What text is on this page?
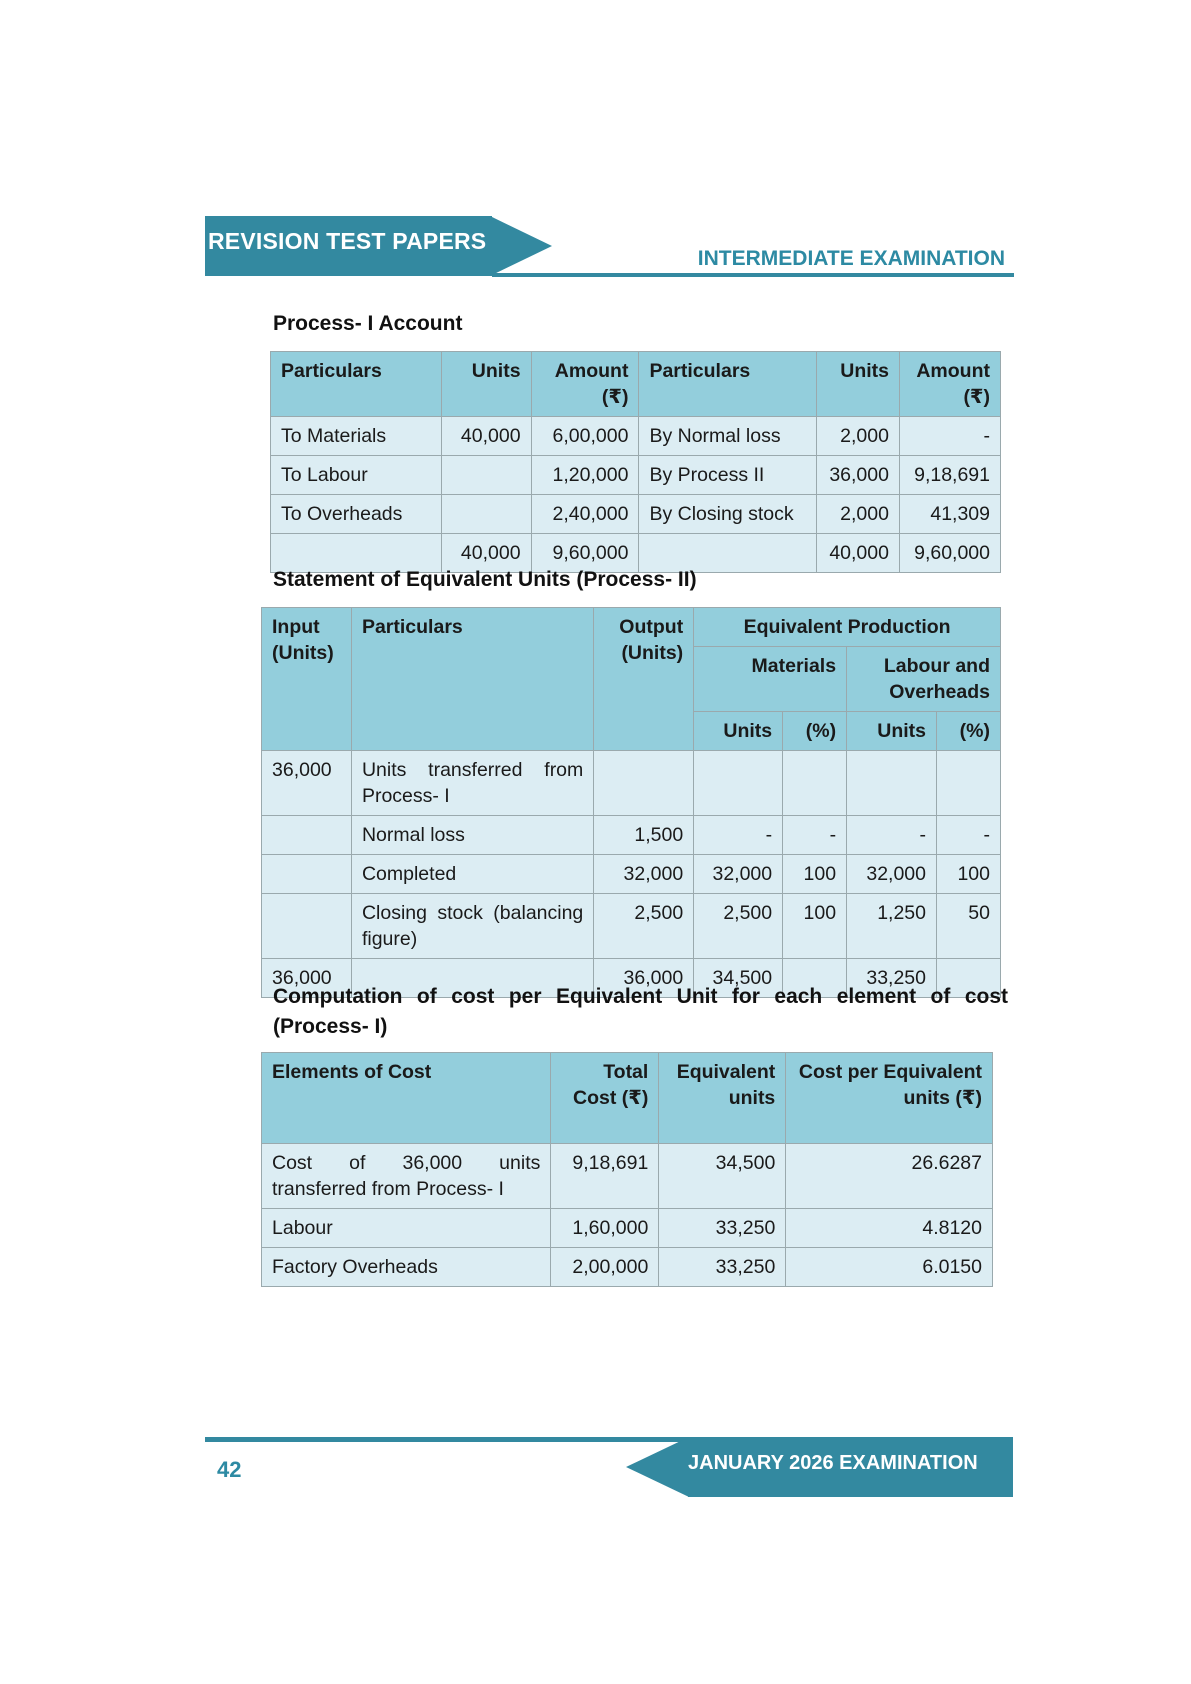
REVISION TEST PAPERS
INTERMEDIATE EXAMINATION
Process- I Account
Particulars	Units	Amount (₹)	Particulars	Units	Amount (₹)
To Materials	40,000	6,00,000	By Normal loss	2,000	-
To Labour		1,20,000	By Process II	36,000	9,18,691
To Overheads		2,40,000	By Closing stock	2,000	41,309
	40,000	9,60,000		40,000	9,60,000
Statement of Equivalent Units (Process- II)
Input (Units)	Particulars	Output (Units)	Equivalent Production			
			Materials		Labour and Overheads	
			Units	(%)	Units	(%)
36,000	Units transferred from Process- I					
	Normal loss	1,500	-	-	-	-
	Completed	32,000	32,000	100	32,000	100
	Closing stock (balancing figure)	2,500	2,500	100	1,250	50
36,000		36,000	34,500		33,250	
Computation of cost per Equivalent Unit for each element of cost (Process- I)
Elements of Cost	Total Cost (₹)	Equivalent units	Cost per Equivalent units (₹)
Cost of 36,000 units transferred from Process- I	9,18,691	34,500	26.6287
Labour	1,60,000	33,250	4.8120
Factory Overheads	2,00,000	33,250	6.0150
42	JANUARY 2026 EXAMINATION
